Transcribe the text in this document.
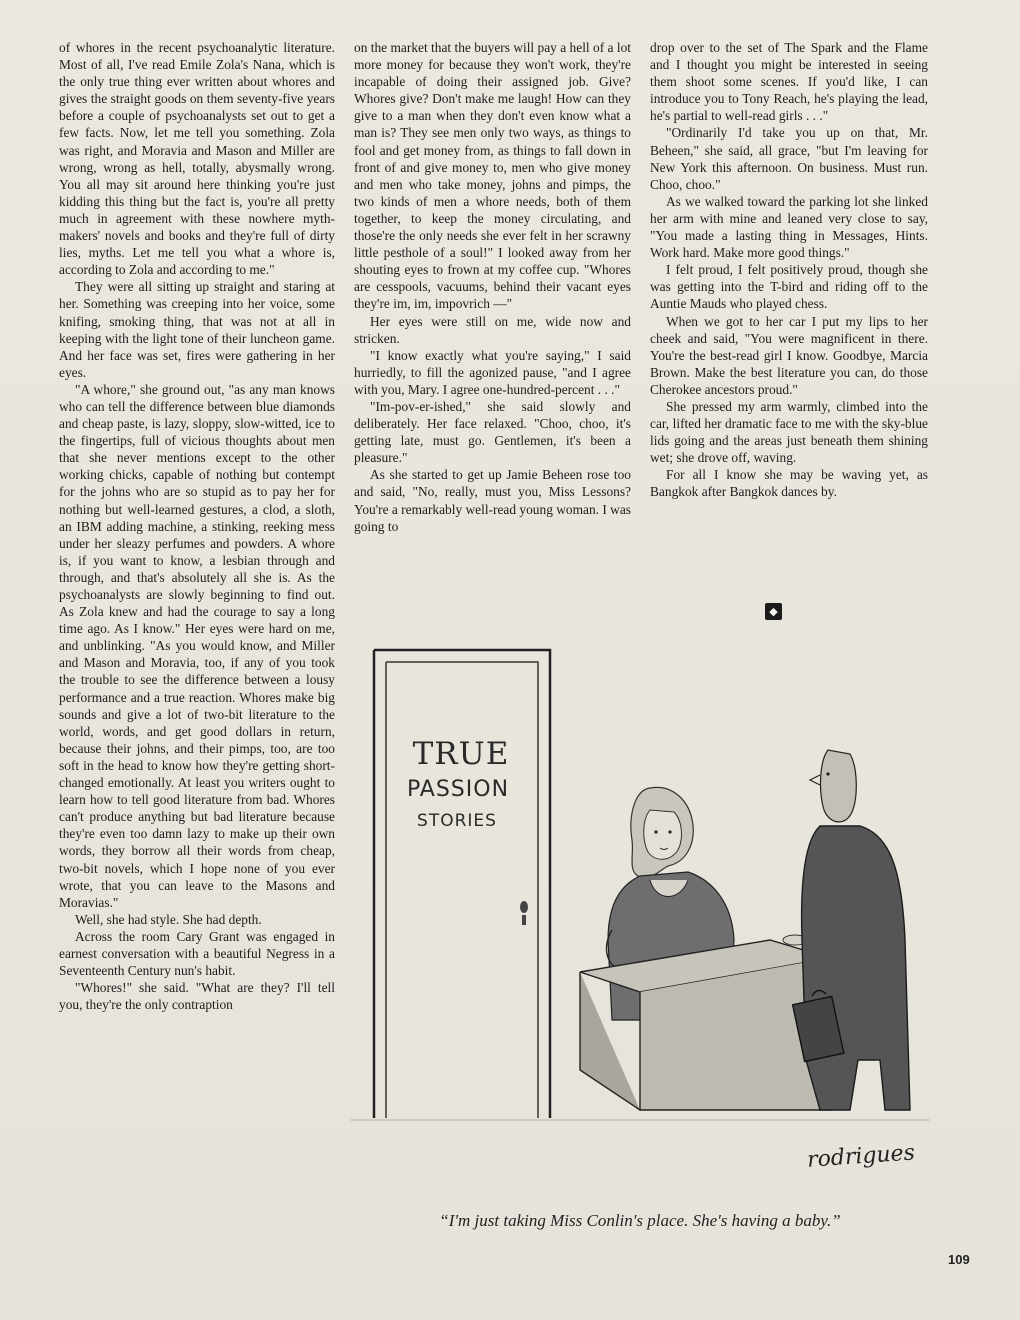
of whores in the recent psychoanalytic literature. Most of all, I've read Emile Zola's Nana, which is the only true thing ever written about whores and gives the straight goods on them seventy-five years before a couple of psychoanalysts set out to get a few facts. Now, let me tell you something. Zola was right, and Moravia and Mason and Miller are wrong, wrong as hell, totally, abysmally wrong. You all may sit around here thinking you're just kidding this thing but the fact is, you're all pretty much in agreement with these nowhere myth-makers' novels and books and they're full of dirty lies, myths. Let me tell you what a whore is, according to Zola and according to me."

They were all sitting up straight and staring at her. Something was creeping into her voice, some knifing, smoking thing, that was not at all in keeping with the light tone of their luncheon game. And her face was set, fires were gathering in her eyes.

"A whore," she ground out, "as any man knows who can tell the difference between blue diamonds and cheap paste, is lazy, sloppy, slow-witted, ice to the fingertips, full of vicious thoughts about men that she never mentions except to the other working chicks, capable of nothing but contempt for the johns who are so stupid as to pay her for nothing but well-learned gestures, a clod, a sloth, an IBM adding machine, a stinking, reeking mess under her sleazy perfumes and powders. A whore is, if you want to know, a lesbian through and through, and that's absolutely all she is. As the psychoanalysts are slowly beginning to find out. As Zola knew and had the courage to say a long time ago. As I know." Her eyes were hard on me, and unblinking. "As you would know, and Miller and Mason and Moravia, too, if any of you took the trouble to see the difference between a lousy performance and a true reaction. Whores make big sounds and give a lot of two-bit literature to the world, words, and get good dollars in return, because their johns, and their pimps, too, are too soft in the head to know how they're getting short-changed emotionally. At least you writers ought to learn how to tell good literature from bad. Whores can't produce anything but bad literature because they're even too damn lazy to make up their own words, they borrow all their words from cheap, two-bit novels, which I hope none of you ever wrote, that you can leave to the Masons and Moravias."

Well, she had style. She had depth.

Across the room Cary Grant was engaged in earnest conversation with a beautiful Negress in a Seventeenth Century nun's habit.

"Whores!" she said. "What are they? I'll tell you, they're the only contraption

on the market that the buyers will pay a hell of a lot more money for because they won't work, they're incapable of doing their assigned job. Give? Whores give? Don't make me laugh! How can they give to a man when they don't even know what a man is? They see men only two ways, as things to fool and get money from, as things to fall down in front of and give money to, men who give money and men who take money, johns and pimps, the two kinds of men a whore needs, both of them together, to keep the money circulating, and those're the only needs she ever felt in her scrawny little pesthole of a soul!" I looked away from her shouting eyes to frown at my coffee cup. "Whores are cesspools, vacuums, behind their vacant eyes they're im, im, impovrich —"

Her eyes were still on me, wide now and stricken.

"I know exactly what you're saying," I said hurriedly, to fill the agonized pause, "and I agree with you, Mary. I agree one-hundred-percent . . ."

"Im-pov-er-ished," she said slowly and deliberately. Her face relaxed. "Choo, choo, it's getting late, must go. Gentlemen, it's been a pleasure."

As she started to get up Jamie Beheen rose too and said, "No, really, must you, Miss Lessons? You're a remarkably well-read young woman. I was going to

drop over to the set of The Spark and the Flame and I thought you might be interested in seeing them shoot some scenes. If you'd like, I can introduce you to Tony Reach, he's playing the lead, he's partial to well-read girls . . ."

"Ordinarily I'd take you up on that, Mr. Beheen," she said, all grace, "but I'm leaving for New York this afternoon. On business. Must run. Choo, choo."

As we walked toward the parking lot she linked her arm with mine and leaned very close to say, "You made a lasting thing in Messages, Hints. Work hard. Make more good things."

I felt proud, I felt positively proud, though she was getting into the T-bird and riding off to the Auntie Mauds who played chess.

When we got to her car I put my lips to her cheek and said, "You were magnificent in there. You're the best-read girl I know. Goodbye, Marcia Brown. Make the best literature you can, do those Cherokee ancestors proud."

She pressed my arm warmly, climbed into the car, lifted her dramatic face to me with the sky-blue lids going and the areas just beneath them shining wet; she drove off, waving.

For all I know she may be waving yet, as Bangkok after Bangkok dances by.

◆
TRUE
PASSION
STORIES
rodrigues
“I'm just taking Miss Conlin's place. She's having a baby.”
109
